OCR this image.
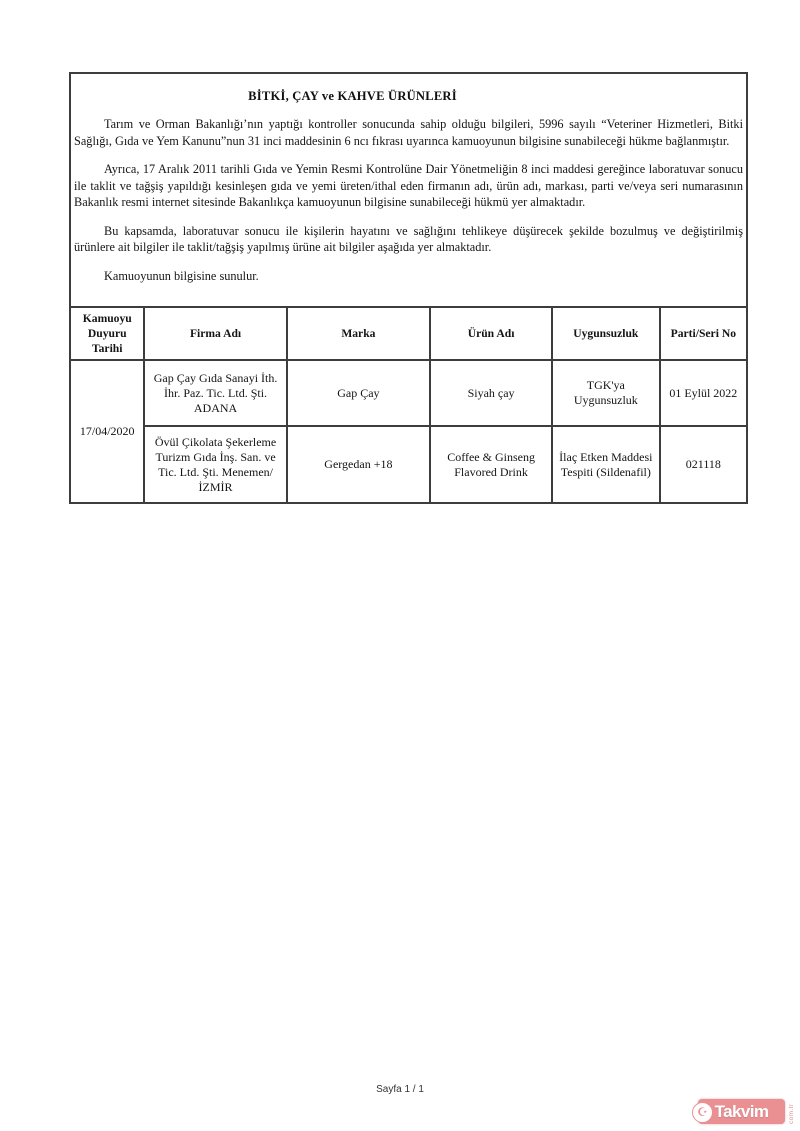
BİTKİ, ÇAY ve KAHVE ÜRÜNLERİ

Tarım ve Orman Bakanlığı’nın yaptığı kontroller sonucunda sahip olduğu bilgileri, 5996 sayılı “Veteriner Hizmetleri, Bitki Sağlığı, Gıda ve Yem Kanunu”nun 31 inci maddesinin 6 ncı fıkrası uyarınca kamuoyunun bilgisine sunabileceği hükme bağlanmıştır.

Ayrıca, 17 Aralık 2011 tarihli Gıda ve Yemin Resmi Kontrolüne Dair Yönetmeliğin 8 inci maddesi gereğince laboratuvar sonucu ile taklit ve tağşiş yapıldığı kesinleşen gıda ve yemi üreten/ithal eden firmanın adı, ürün adı, markası, parti ve/veya seri numarasının Bakanlık resmi internet sitesinde Bakanlıkça kamuoyunun bilgisine sunabileceği hükmü yer almaktadır.

Bu kapsamda, laboratuvar sonucu ile kişilerin hayatını ve sağlığını tehlikeye düşürecek şekilde bozulmuş ve değiştirilmiş ürünlere ait bilgiler ile taklit/tağşiş yapılmış ürüne ait bilgiler aşağıda yer almaktadır.

Kamuoyunun bilgisine sunulur.

Kamuoyu Duyuru Tarihi	Firma Adı	Marka	Ürün Adı	Uygunsuzluk	Parti/Seri No
17/04/2020	Gap Çay Gıda Sanayi İth. İhr. Paz. Tic. Ltd. Şti. ADANA	Gap Çay	Siyah çay	TGK'ya Uygunsuzluk	01 Eylül 2022
	Övül Çikolata Şekerleme Turizm Gıda İnş. San. ve Tic. Ltd. Şti. Menemen/İZMİR	Gergedan +18	Coffee & Ginseng Flavored Drink	İlaç Etken Maddesi Tespiti (Sildenafil)	021118
Sayfa 1 / 1
Takvim
☪	com.tr
